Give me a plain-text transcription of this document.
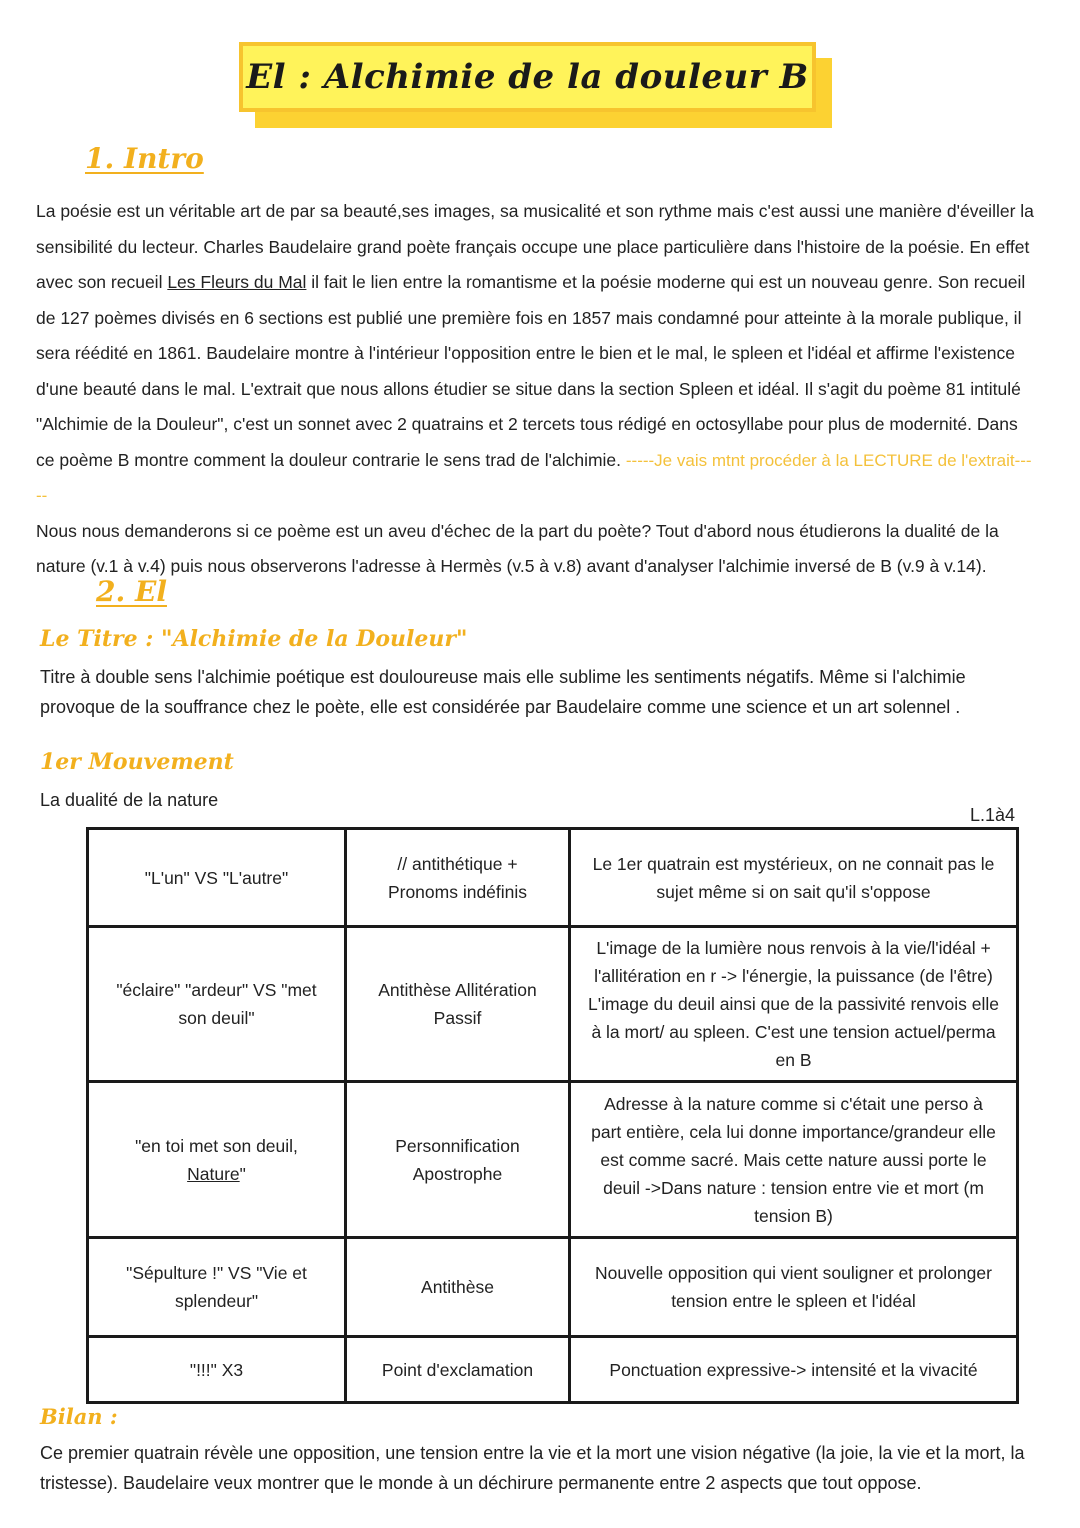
El : Alchimie de la douleur B
1. Intro

La poésie est un véritable art de par sa beauté,ses images, sa musicalité et son rythme mais c'est aussi une manière d'éveiller la sensibilité du lecteur. Charles Baudelaire grand poète français occupe une place particulière dans l'histoire de la poésie. En effet avec son recueil Les Fleurs du Mal il fait le lien entre la romantisme et la poésie moderne qui est un nouveau genre. Son recueil de 127 poèmes divisés en 6 sections est publié une première fois en 1857 mais condamné pour atteinte à la morale publique, il sera réédité en 1861. Baudelaire montre à l'intérieur l'opposition entre le bien et le mal, le spleen et l'idéal et affirme l'existence d'une beauté dans le mal. L'extrait que nous allons étudier se situe dans la section Spleen et idéal. Il s'agit du poème 81 intitulé "Alchimie de la Douleur", c'est un sonnet avec 2 quatrains et 2 tercets tous rédigé en octosyllabe pour plus de modernité. Dans ce poème B montre comment la douleur contrarie le sens trad de l'alchimie. -----Je vais mtnt procéder à la LECTURE de l'extrait-----

Nous nous demanderons si ce poème est un aveu d'échec de la part du poète? Tout d'abord nous étudierons la dualité de la nature (v.1 à v.4) puis nous observerons l'adresse à Hermès (v.5 à v.8) avant d'analyser l'alchimie inversé de B (v.9 à v.14).

2. El
Le Titre : "Alchimie de la Douleur"
Titre à double sens l'alchimie poétique est douloureuse mais elle sublime les sentiments négatifs. Même si l'alchimie provoque de la souffrance chez le poète, elle est considérée par Baudelaire comme une science et un art solennel .
1er Mouvement
La dualité de la nature
L.1à4
"L'un" VS "L'autre"	// antithétique + Pronoms indéfinis	Le 1er quatrain est mystérieux, on ne connait pas le sujet même si on sait qu'il s'oppose
"éclaire" "ardeur" VS "met son deuil"	Antithèse Allitération Passif	L'image de la lumière nous renvois à la vie/l'idéal + l'allitération en r -> l'énergie, la puissance (de l'être) L'image du deuil ainsi que de la passivité renvois elle à la mort/ au spleen. C'est une tension actuel/perma en B
"en toi met son deuil, Nature"	Personnification Apostrophe	Adresse à la nature comme si c'était une perso à part entière, cela lui donne importance/grandeur elle est comme sacré. Mais cette nature aussi porte le deuil ->Dans nature : tension entre vie et mort (m tension B)
"Sépulture !" VS "Vie et splendeur"	Antithèse	Nouvelle opposition qui vient souligner et prolonger tension entre le spleen et l'idéal
"!!!" X3	Point d'exclamation	Ponctuation expressive-> intensité et la vivacité
Bilan :
Ce premier quatrain révèle une opposition, une tension entre la vie et la mort une vision négative (la joie, la vie et la mort, la tristesse). Baudelaire veux montrer que le monde à un déchirure permanente entre 2 aspects que tout oppose.
